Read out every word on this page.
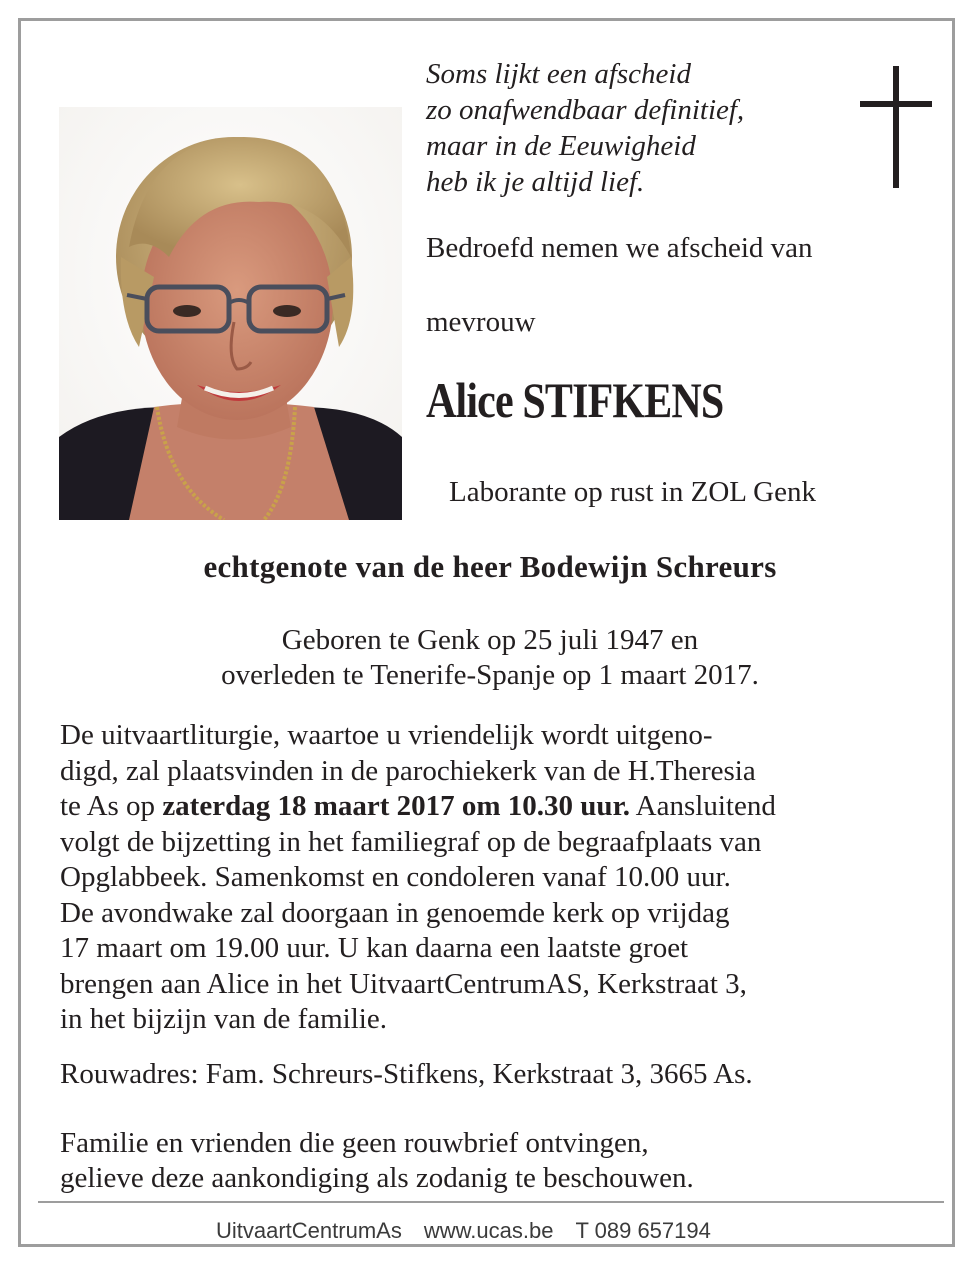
Soms lijkt een afscheid
zo onafwendbaar definitief,
maar in de Eeuwigheid
heb ik je altijd lief.
Bedroefd nemen we afscheid van
mevrouw
Alice STIFKENS
Laborante op rust in ZOL Genk
echtgenote van de heer Bodewijn Schreurs
Geboren te Genk op 25 juli 1947 en
overleden te Tenerife-Spanje op 1 maart 2017.
De uitvaartliturgie, waartoe u vriendelijk wordt uitgeno-
digd, zal plaatsvinden in de parochiekerk van de H.Theresia
te As op zaterdag 18 maart 2017 om 10.30 uur. Aansluitend
volgt de bijzetting in het familiegraf op de begraafplaats van
Opglabbeek. Samenkomst en condoleren vanaf 10.00 uur.
De avondwake zal doorgaan in genoemde kerk op vrijdag
17 maart om 19.00 uur. U kan daarna een laatste groet
brengen aan Alice in het UitvaartCentrumAS, Kerkstraat 3,
in het bijzijn van de familie.
Rouwadres: Fam. Schreurs-Stifkens, Kerkstraat 3, 3665 As.
Familie en vrienden die geen rouwbrief ontvingen,
gelieve deze aankondiging als zodanig te beschouwen.
UitvaartCentrumAs www.ucas.be T 089 657194
